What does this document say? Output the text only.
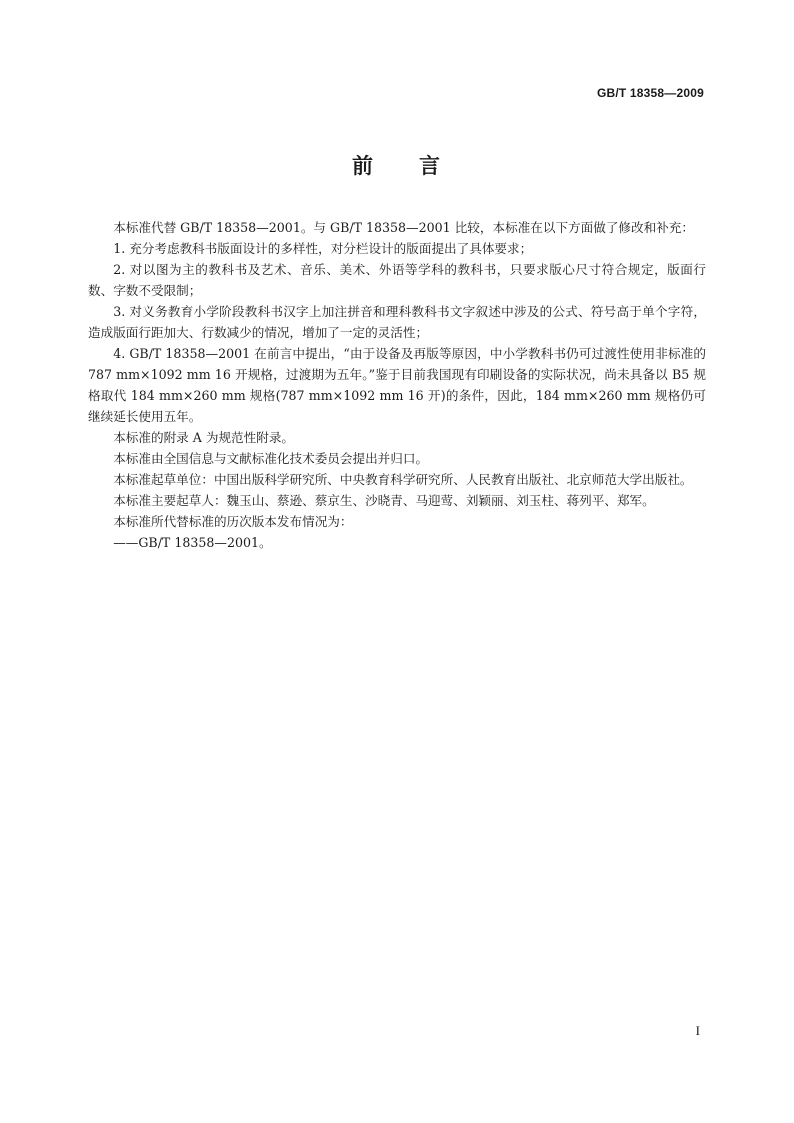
GB/T 18358—2009
前 言

本标准代替 GB/T 18358—2001。与 GB/T 18358—2001 比较，本标准在以下方面做了修改和补充：

1. 充分考虑教科书版面设计的多样性，对分栏设计的版面提出了具体要求；

2. 对以图为主的教科书及艺术、音乐、美术、外语等学科的教科书，只要求版心尺寸符合规定，版面行数、字数不受限制；

3. 对义务教育小学阶段教科书汉字上加注拼音和理科教科书文字叙述中涉及的公式、符号高于单个字符，造成版面行距加大、行数减少的情况，增加了一定的灵活性；

4. GB/T 18358—2001 在前言中提出，“由于设备及再版等原因，中小学教科书仍可过渡性使用非标准的 787 mm×1092 mm 16 开规格，过渡期为五年。”鉴于目前我国现有印刷设备的实际状况，尚未具备以 B5 规格取代 184 mm×260 mm 规格(787 mm×1092 mm 16 开)的条件，因此，184 mm×260 mm 规格仍可继续延长使用五年。

本标准的附录 A 为规范性附录。

本标准由全国信息与文献标准化技术委员会提出并归口。

本标准起草单位：中国出版科学研究所、中央教育科学研究所、人民教育出版社、北京师范大学出版社。

本标准主要起草人：魏玉山、蔡逊、蔡京生、沙晓青、马迎莺、刘颖丽、刘玉柱、蒋列平、郑军。

本标准所代替标准的历次版本发布情况为：

——GB/T 18358—2001。

I
